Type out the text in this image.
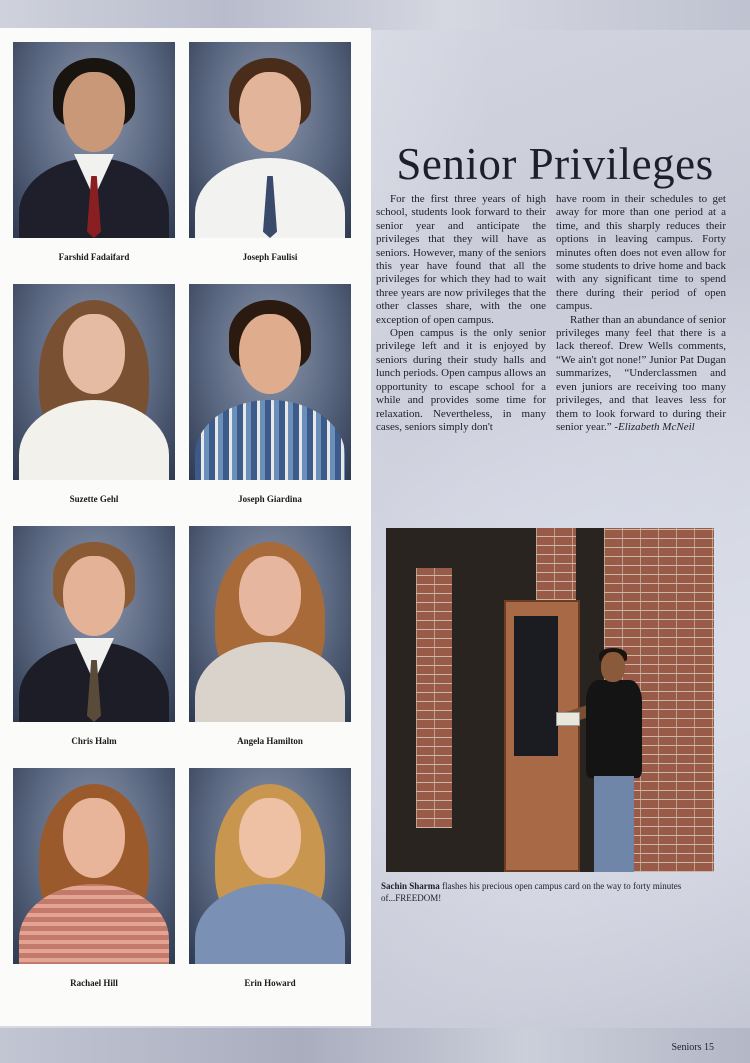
Farshid Fadaifard	Joseph Faulisi
Suzette Gehl	Joseph Giardina
Chris Halm	Angela Hamilton
Rachael Hill	Erin Howard
Senior Privileges

For the first three years of high school, students look forward to their senior year and anticipate the privileges that they will have as seniors. However, many of the seniors this year have found that all the privileges for which they had to wait three years are now privileges that the other classes share, with the one exception of open campus.

Open campus is the only senior privilege left and it is enjoyed by seniors during their study halls and lunch periods. Open campus allows an opportunity to escape school for a while and provides some time for relaxation. Nevertheless, in many cases, seniors simply don't

have room in their schedules to get away for more than one period at a time, and this sharply reduces their options in leaving campus. Forty minutes often does not even allow for some students to drive home and back with any significant time to spend there during their period of open campus.

Rather than an abundance of senior privileges many feel that there is a lack thereof. Drew Wells comments, “We ain't got none!” Junior Pat Dugan summarizes, “Underclassmen and even juniors are receiving too many privileges, and that leaves less for them to look forward to during their senior year.” -Elizabeth McNeil

Sachin Sharma flashes his precious open campus card on the way to forty minutes of...FREEDOM!
Seniors 15
